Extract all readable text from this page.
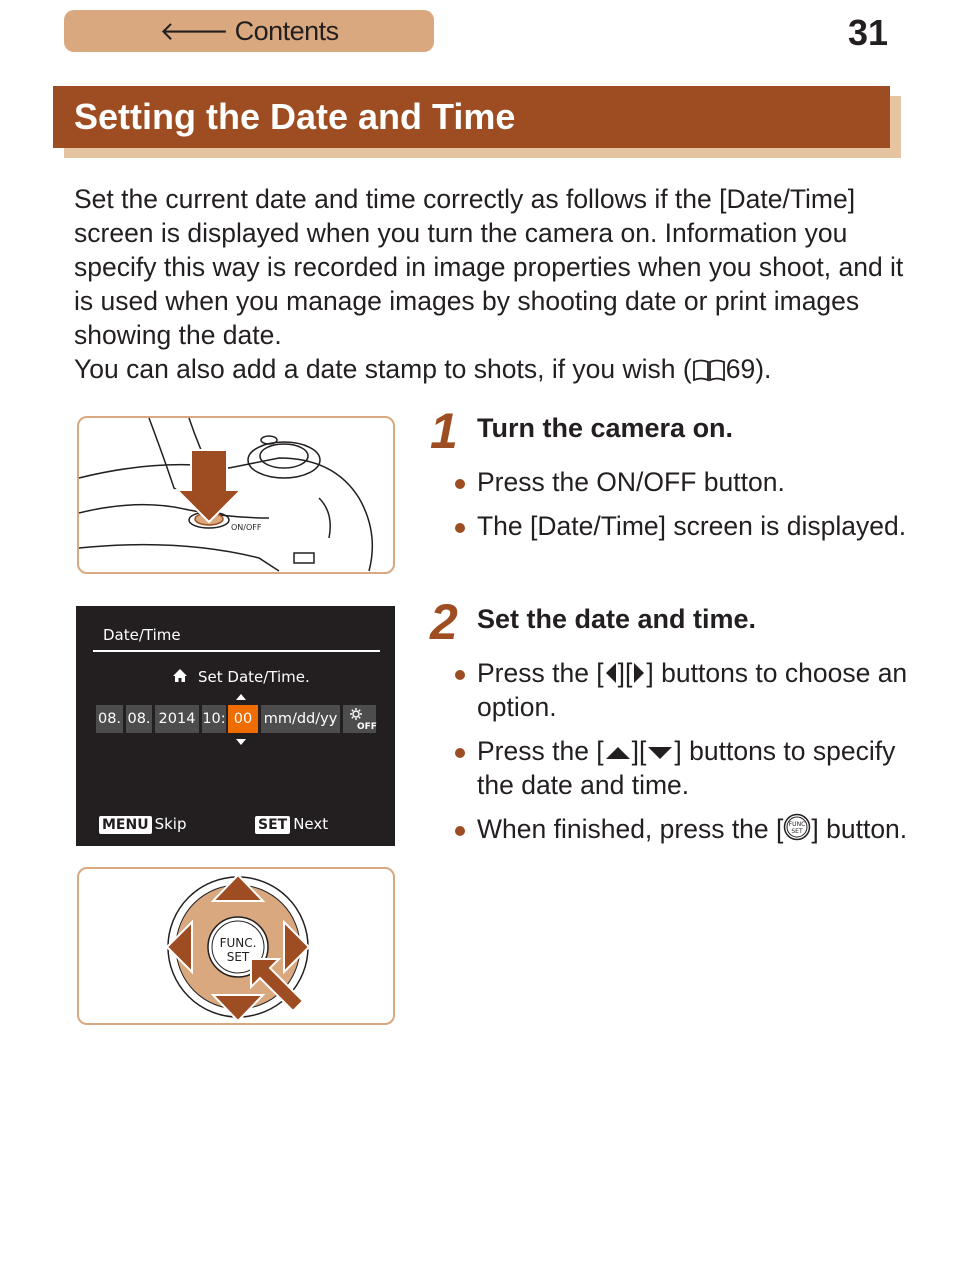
🡐 Contents	31
Setting the Date and Time

Set the current date and time correctly as follows if the [Date/Time] screen is displayed when you turn the camera on. Information you specify this way is recorded in image properties when you shoot, and it is used when you manage images by shooting date or print images showing the date.

You can also add a date stamp to shots, if you wish ( 69).

ON/OFF
Date/Time
Set Date/Time.
08. 08. 2014 10: 00 mm/dd/yy	OFF
MENU Skip	SET Next
FUNC.
SET
1 Turn the camera on.
Press the ON/OFF button.
The [Date/Time] screen is displayed.
2 Set the date and time.
Press the [ ][ ] buttons to choose an option.
Press the [ ][ ] buttons to specify the date and time.
When finished, press the [ FUNC
SET ] button.
